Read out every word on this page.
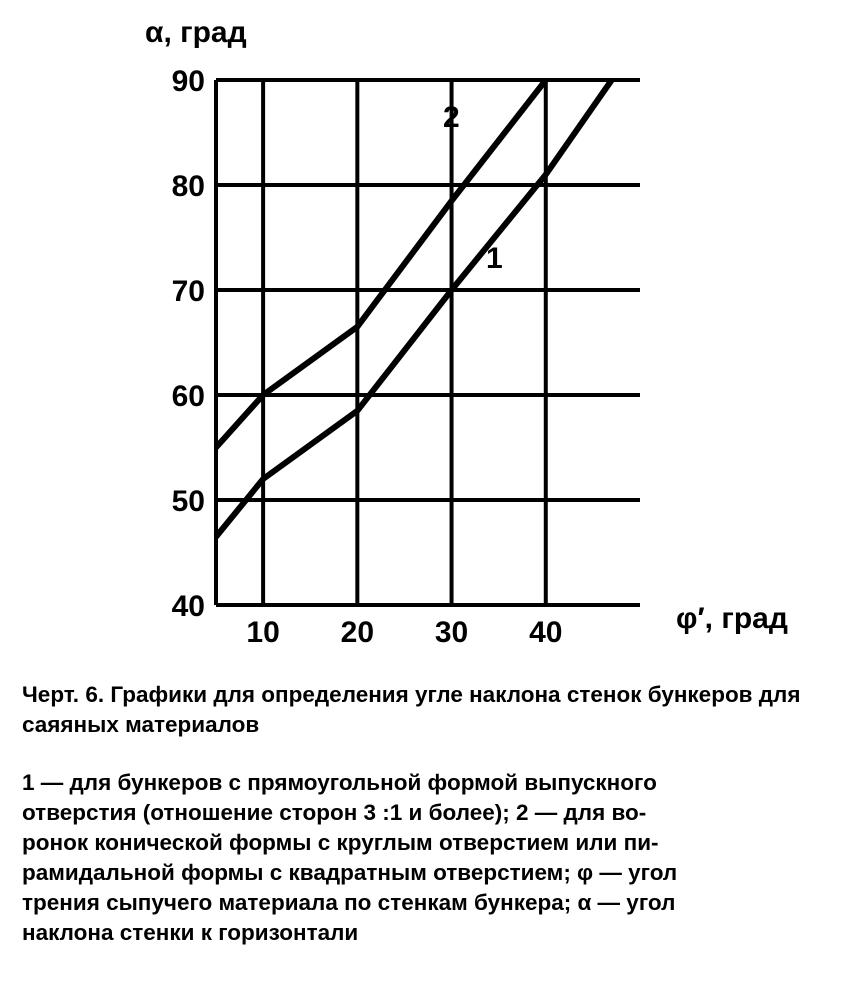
40
50
60
70
80
90
10 20 30 40
α, град
φ′, град
2
1

Черт. 6. Графики для определения угле наклона стенок бункеров для саяяных материалов

1 — для бункеров с прямоугольной формой выпускного
отверстия (отношение сторон 3 :1 и более); 2 — для во-
ронок конической формы с круглым отверстием или пи-
рамидальной формы с квадратным отверстием; φ — угол
трения сыпучего материала по стенкам бункера; α — угол
наклона стенки к горизонтали
